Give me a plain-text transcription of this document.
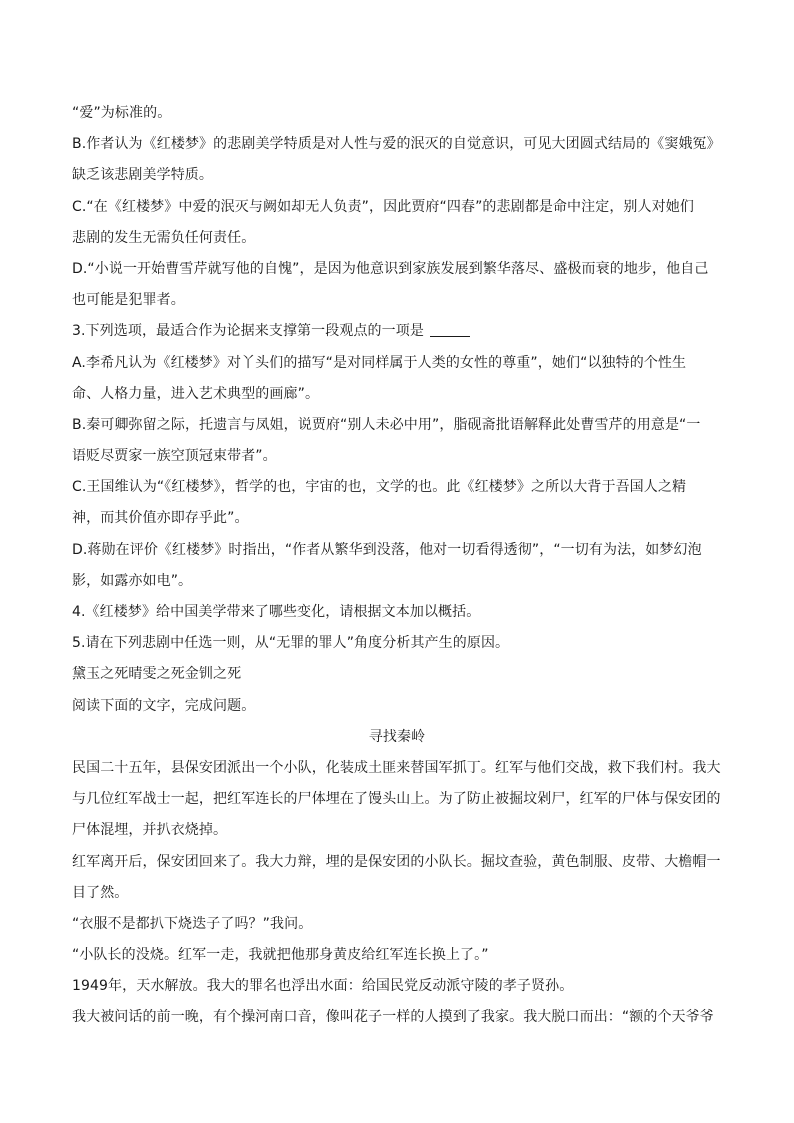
“爱”为标准的。

B.作者认为《红楼梦》的悲剧美学特质是对人性与爱的泯灭的自觉意识，可见大团圆式结局的《窦娥冤》

缺乏该悲剧美学特质。

C.“在《红楼梦》中爱的泯灭与阙如却无人负责”，因此贾府“四春”的悲剧都是命中注定，别人对她们

悲剧的发生无需负任何责任。

D.“小说一开始曹雪芹就写他的自愧”，是因为他意识到家族发展到繁华落尽、盛极而衰的地步，他自己

也可能是犯罪者。

3.下列选项，最适合作为论据来支撑第一段观点的一项是

A.李希凡认为《红楼梦》对丫头们的描写“是对同样属于人类的女性的尊重”，她们“以独特的个性生

命、人格力量，进入艺术典型的画廊”。

B.秦可卿弥留之际，托遗言与凤姐，说贾府“别人未必中用”，脂砚斋批语解释此处曹雪芹的用意是“一

语贬尽贾家一族空顶冠束带者”。

C.王国维认为“《红楼梦》，哲学的也，宇宙的也，文学的也。此《红楼梦》之所以大背于吾国人之精

神，而其价值亦即存乎此”。

D.蒋勋在评价《红楼梦》时指出，“作者从繁华到没落，他对一切看得透彻”，“一切有为法，如梦幻泡

影，如露亦如电”。

4.《红楼梦》给中国美学带来了哪些变化，请根据文本加以概括。

5.请在下列悲剧中任选一则，从“无罪的罪人”角度分析其产生的原因。

黛玉之死晴雯之死金钏之死

阅读下面的文字，完成问题。

寻找秦岭

民国二十五年，县保安团派出一个小队，化装成土匪来替国军抓丁。红军与他们交战，救下我们村。我大

与几位红军战士一起，把红军连长的尸体埋在了馒头山上。为了防止被掘坟剁尸，红军的尸体与保安团的

尸体混埋，并扒衣烧掉。

红军离开后，保安团回来了。我大力辩，埋的是保安团的小队长。掘坟查验，黄色制服、皮带、大檐帽一

目了然。

“衣服不是都扒下烧迭子了吗？”我问。

“小队长的没烧。红军一走，我就把他那身黄皮给红军连长换上了。”

1949年，天水解放。我大的罪名也浮出水面：给国民党反动派守陵的孝子贤孙。

我大被问话的前一晚，有个操河南口音，像叫花子一样的人摸到了我家。我大脱口而出：“额的个天爷爷
